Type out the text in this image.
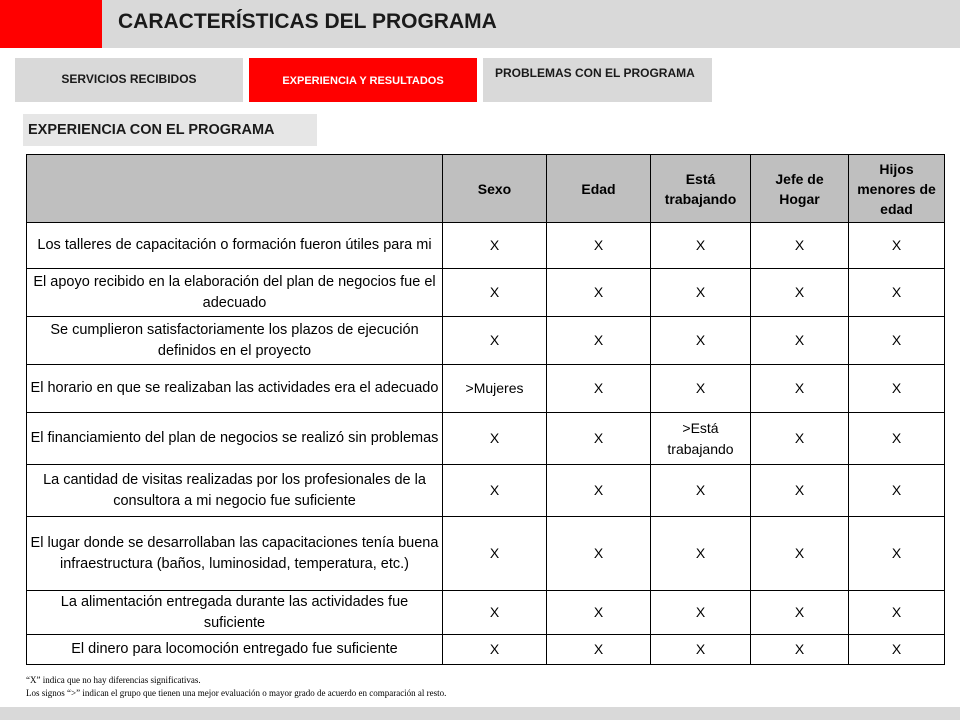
CARACTERÍSTICAS DEL PROGRAMA
SERVICIOS RECIBIDOS	EXPERIENCIA Y RESULTADOS
PROBLEMAS CON EL PROGRAMA
EXPERIENCIA CON EL PROGRAMA
	Sexo	Edad	Está trabajando	Jefe de Hogar	Hijos menores de edad
Los talleres de capacitación o formación fueron útiles para mi	X	X	X	X	X
El apoyo recibido en la elaboración del plan de negocios fue el adecuado	X	X	X	X	X
Se cumplieron satisfactoriamente los plazos de ejecución definidos en el proyecto	X	X	X	X	X
El horario en que se realizaban las actividades era el adecuado	>Mujeres	X	X	X	X
El financiamiento del plan de negocios se realizó sin problemas	X	X	>Está trabajando	X	X
La cantidad de visitas realizadas por los profesionales de la consultora a mi negocio fue suficiente	X	X	X	X	X
El lugar donde se desarrollaban las capacitaciones tenía buena infraestructura (baños, luminosidad, temperatura, etc.)	X	X	X	X	X
La alimentación entregada durante las actividades fue suficiente	X	X	X	X	X
El dinero para locomoción entregado fue suficiente	X	X	X	X	X
“X” indica que no hay diferencias significativas.
Los signos “>” indican el grupo que tienen una mejor evaluación o mayor grado de acuerdo en comparación al resto.
